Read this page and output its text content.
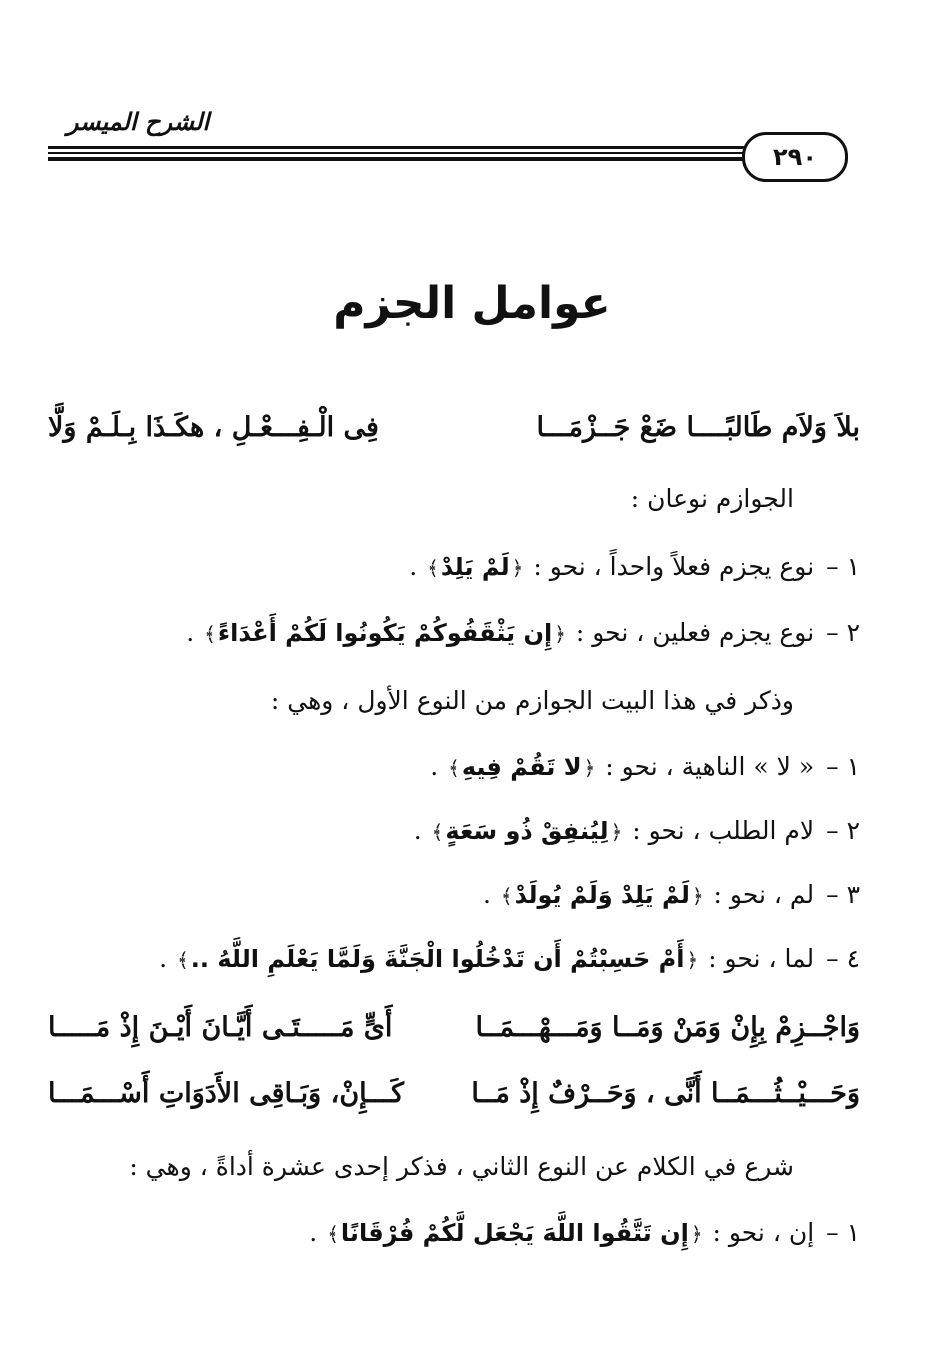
الشرح الميسر
٢٩٠
عوامل الجزم
بلاَ وَلاَم طَالبًــــا ضَعْ جَــزْمَـــا
فِى الْـفِـــعْـلِ ، هكَـذَا بِـلَـمْ وَلَّا
الجوازم نوعان :
١ – نوع يجزم فعلاً واحداً ، نحو : ﴿لَمْ يَلِدْ﴾ .
٢ – نوع يجزم فعلين ، نحو : ﴿إِن يَثْقَفُوكُمْ يَكُونُوا لَكُمْ أَعْدَاءً﴾ .
وذكر في هذا البيت الجوازم من النوع الأول ، وهي :
١ – « لا » الناهية ، نحو : ﴿لا تَقُمْ فِيهِ﴾ .
٢ – لام الطلب ، نحو : ﴿لِيُنفِقْ ذُو سَعَةٍ﴾ .
٣ – لم ، نحو : ﴿لَمْ يَلِدْ وَلَمْ يُولَدْ﴾ .
٤ – لما ، نحو : ﴿أَمْ حَسِبْتُمْ أَن تَدْخُلُوا الْجَنَّةَ وَلَمَّا يَعْلَمِ اللَّهُ ..﴾ .
وَاجْــزِمْ بِإِنْ وَمَنْ وَمَــا وَمَـــهْـــمَــا
أَىٍّ مَـــــتَـى أَيَّـانَ أَيْـنَ إِذْ مَـــــا
وَحَـــيْــثُـــمَــا أَنَّى ، وَحَــرْفٌ إِذْ مَــا
كَـــإِنْ، وَبَـاقِى الأَدَوَاتِ أَسْـــمَـــا
شرع في الكلام عن النوع الثاني ، فذكر إحدى عشرة أداةً ، وهي :
١ – إن ، نحو : ﴿إِن تَتَّقُوا اللَّهَ يَجْعَل لَّكُمْ فُرْقَانًا﴾ .
